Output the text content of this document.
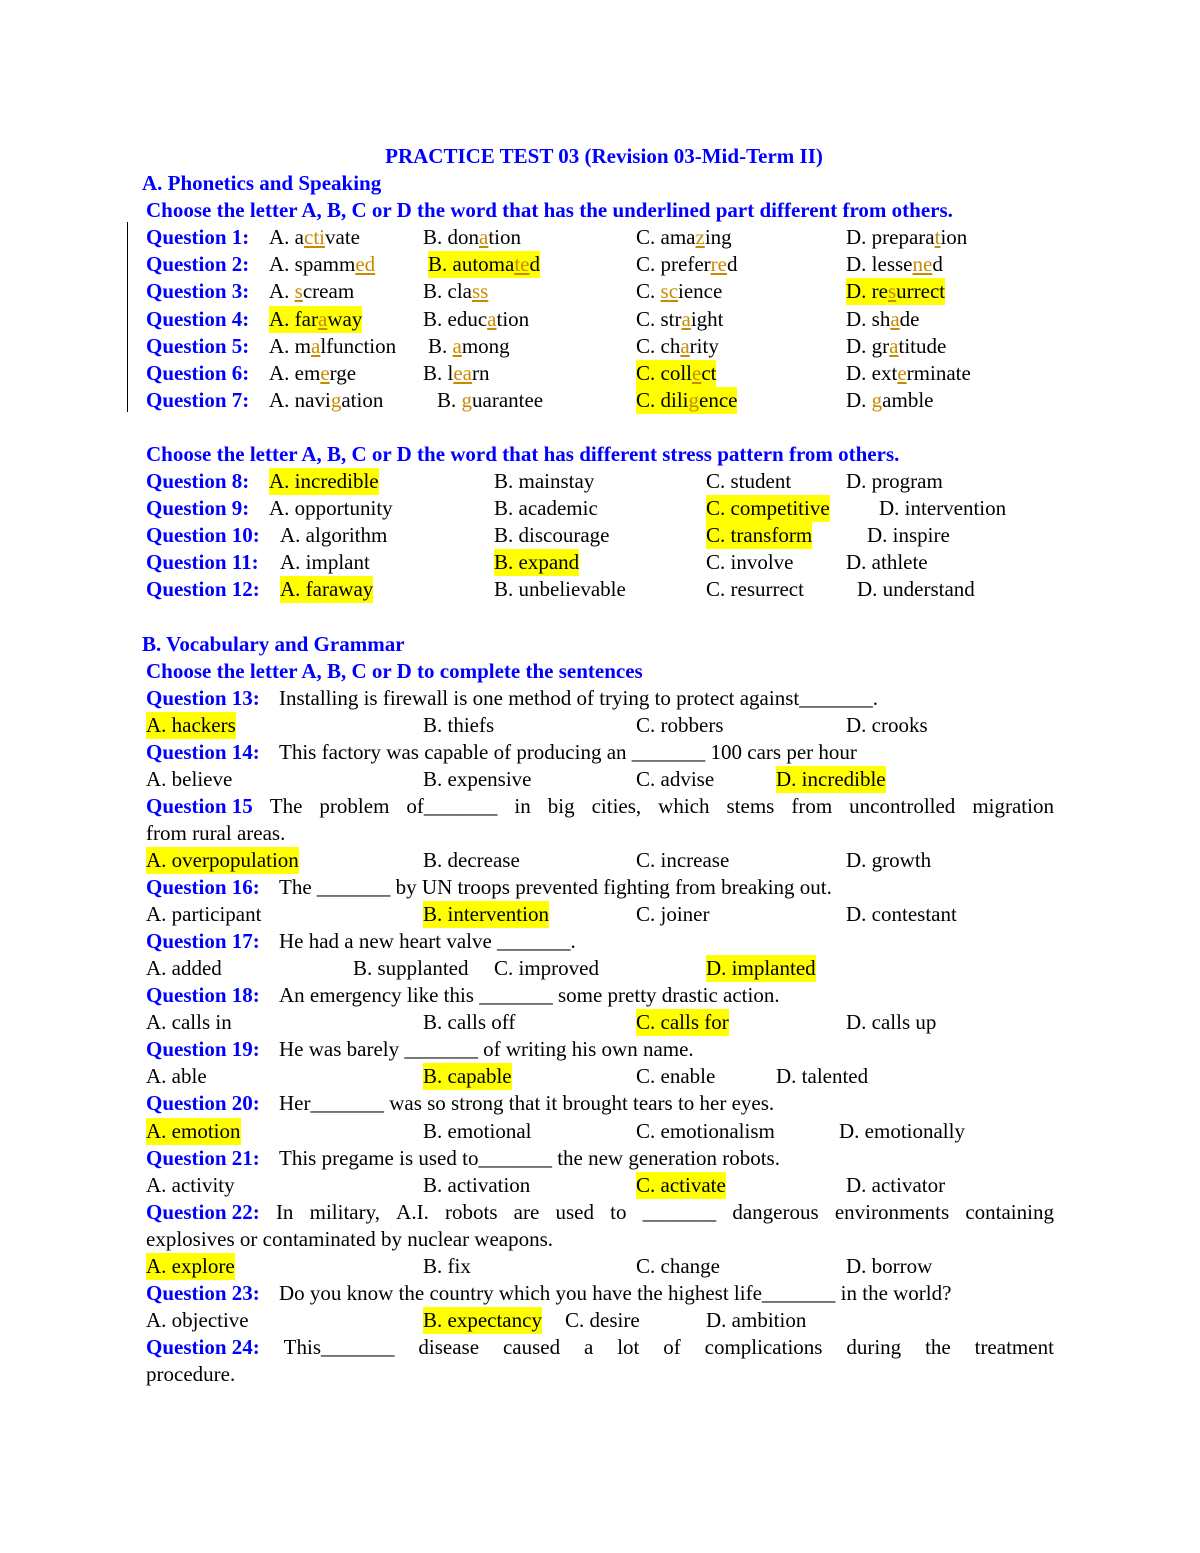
PRACTICE TEST 03 (Revision 03-Mid-Term II)
A. Phonetics and Speaking
Choose the letter A, B, C or D the word that has the underlined part different from others.
Question 1: A. activate	B. donation	C. amazing	D. preparation
Question 2: A. spammed	B. automated	C. preferred	D. lessened
Question 3: A. scream	B. class	C. science	D. resurrect
Question 4: A. faraway	B. education	C. straight	D. shade
Question 5: A. malfunction B. among	C. charity	D. gratitude
Question 6: A. emerge	B. learn	C. collect	D. exterminate
Question 7: A. navigation	B. guarantee	C. diligence	D. gamble
Choose the letter A, B, C or D the word that has different stress pattern from others.
Question 8: A. incredible	B. mainstay	C. student	D. program
Question 9: A. opportunity	B. academic	C. competitive D. intervention
Question 10: A. algorithm	B. discourage	C. transform	D. inspire
Question 11: A. implant	B. expand	C. involve	D. athlete
Question 12: A. faraway	B. unbelievable	C. resurrect	D. understand
B. Vocabulary and Grammar
Choose the letter A, B, C or D to complete the sentences
Question 13: Installing is firewall is one method of trying to protect against_______.
A. hackers	B. thiefs	C. robbers	D. crooks
Question 14: This factory was capable of producing an _______ 100 cars per hour
A. believe	B. expensive	C. advise	D. incredible
Question 15 The problem of_______ in big cities, which stems from uncontrolled migration
from rural areas.
A. overpopulation	B. decrease	C. increase	D. growth
Question 16: The _______ by UN troops prevented fighting from breaking out.
A. participant	B. intervention	C. joiner	D. contestant
Question 17: He had a new heart valve _______.
A. added	B. supplanted C. improved	D. implanted
Question 18: An emergency like this _______ some pretty drastic action.
A. calls in	B. calls off	C. calls for	D. calls up
Question 19: He was barely _______ of writing his own name.
A. able	B. capable	C. enable	D. talented
Question 20: Her_______ was so strong that it brought tears to her eyes.
A. emotion	B. emotional	C. emotionalism	D. emotionally
Question 21: This pregame is used to_______ the new generation robots.
A. activity	B. activation	C. activate	D. activator
Question 22: In military, A.I. robots are used to _______ dangerous environments containing
explosives or contaminated by nuclear weapons.
A. explore	B. fix	C. change	D. borrow
Question 23: Do you know the country which you have the highest life_______ in the world?
A. objective	B. expectancy C. desire	D. ambition
Question 24: This_______ disease caused a lot of complications during the treatment
procedure.
